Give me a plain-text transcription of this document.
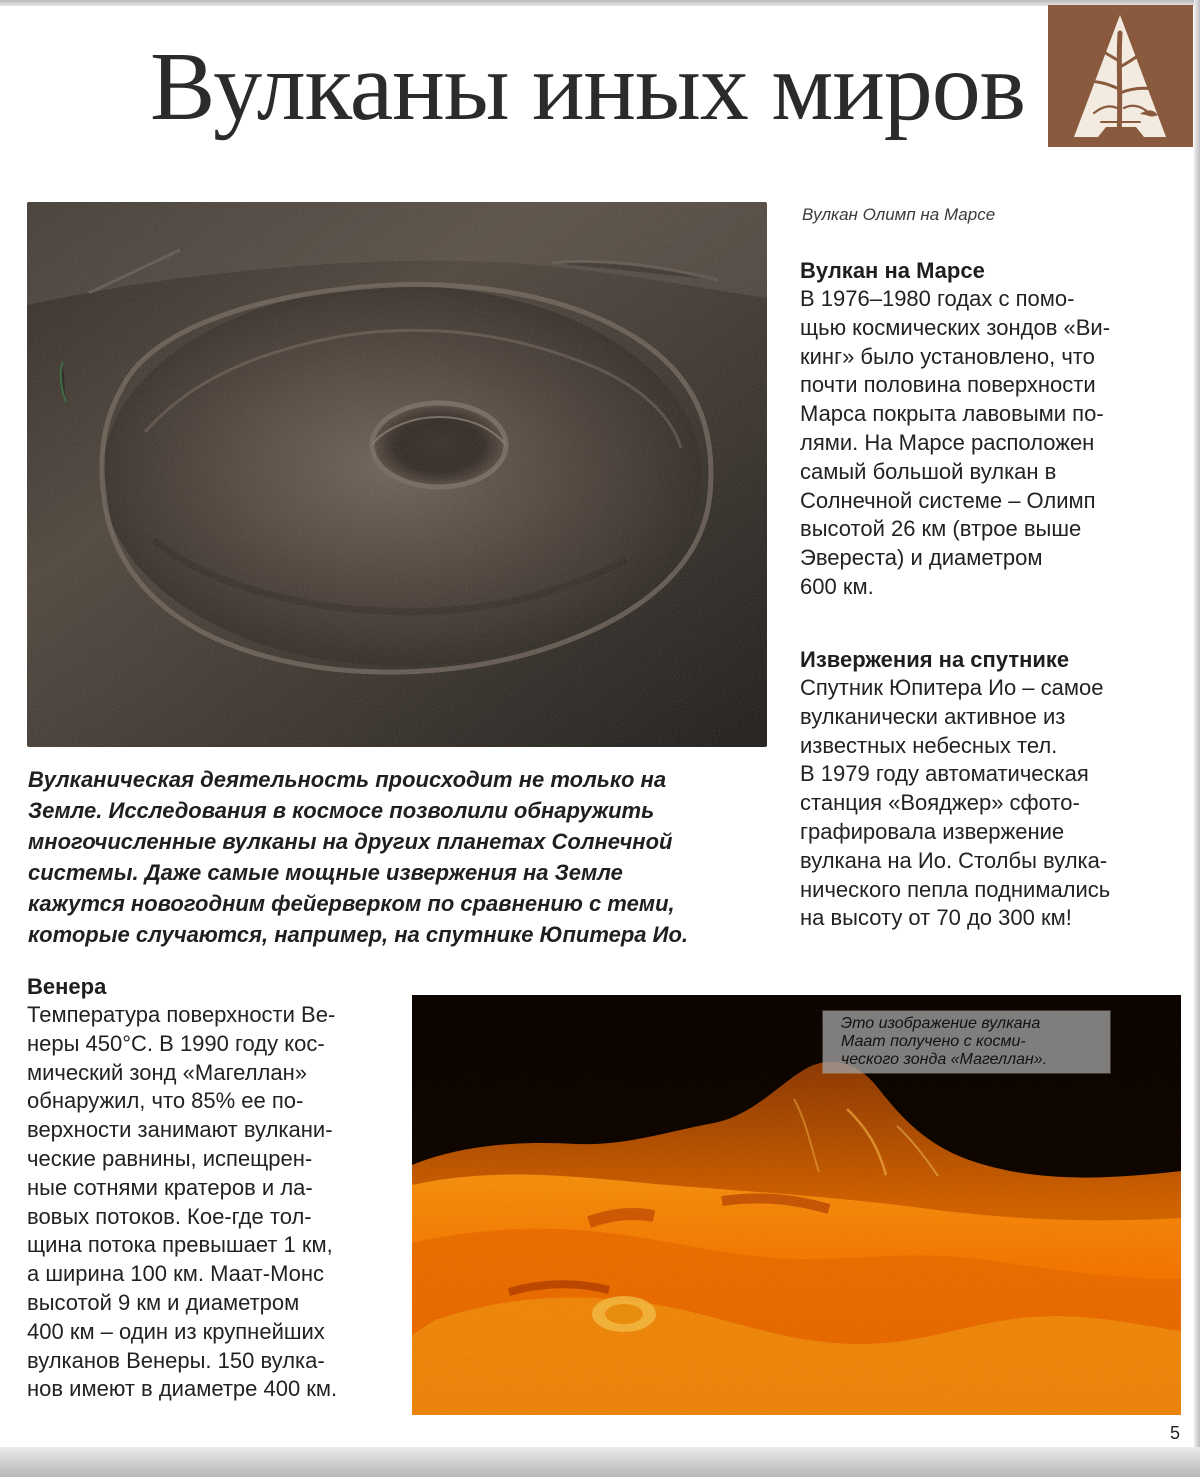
Вулканы иных миров

Вулкан Олимп на Марсе

Вулкан на Марсе

В 1976–1980 годах с помо-
щью космических зондов «Ви-
кинг» было установлено, что
почти половина поверхности
Марса покрыта лавовыми по-
лями. На Марсе расположен
самый большой вулкан в
Солнечной системе – Олимп
высотой 26 км (втрое выше
Эвереста) и диаметром
600 км.

Извержения на спутнике

Спутник Юпитера Ио – самое
вулканически активное из
известных небесных тел.
В 1979 году автоматическая
станция «Вояджер» сфото-
графировала извержение
вулкана на Ио. Столбы вулка-
нического пепла поднимались
на высоту от 70 до 300 км!

Вулканическая деятельность происходит не только на
Земле. Исследования в космосе позволили обнаружить
многочисленные вулканы на других планетах Солнечной
системы. Даже самые мощные извержения на Земле
кажутся новогодним фейерверком по сравнению с теми,
которые случаются, например, на спутнике Юпитера Ио.

Венера

Температура поверхности Ве-
неры 450°С. В 1990 году кос-
мический зонд «Магеллан»
обнаружил, что 85% ее по-
верхности занимают вулкани-
ческие равнины, испещрен-
ные сотнями кратеров и ла-
вовых потоков. Кое-где тол-
щина потока превышает 1 км,
а ширина 100 км. Маат-Монс
высотой 9 км и диаметром
400 км – один из крупнейших
вулканов Венеры. 150 вулка-
нов имеют в диаметре 400 км.

Это изображение вулкана
Маат получено с косми-
ческого зонда «Магеллан».

5
